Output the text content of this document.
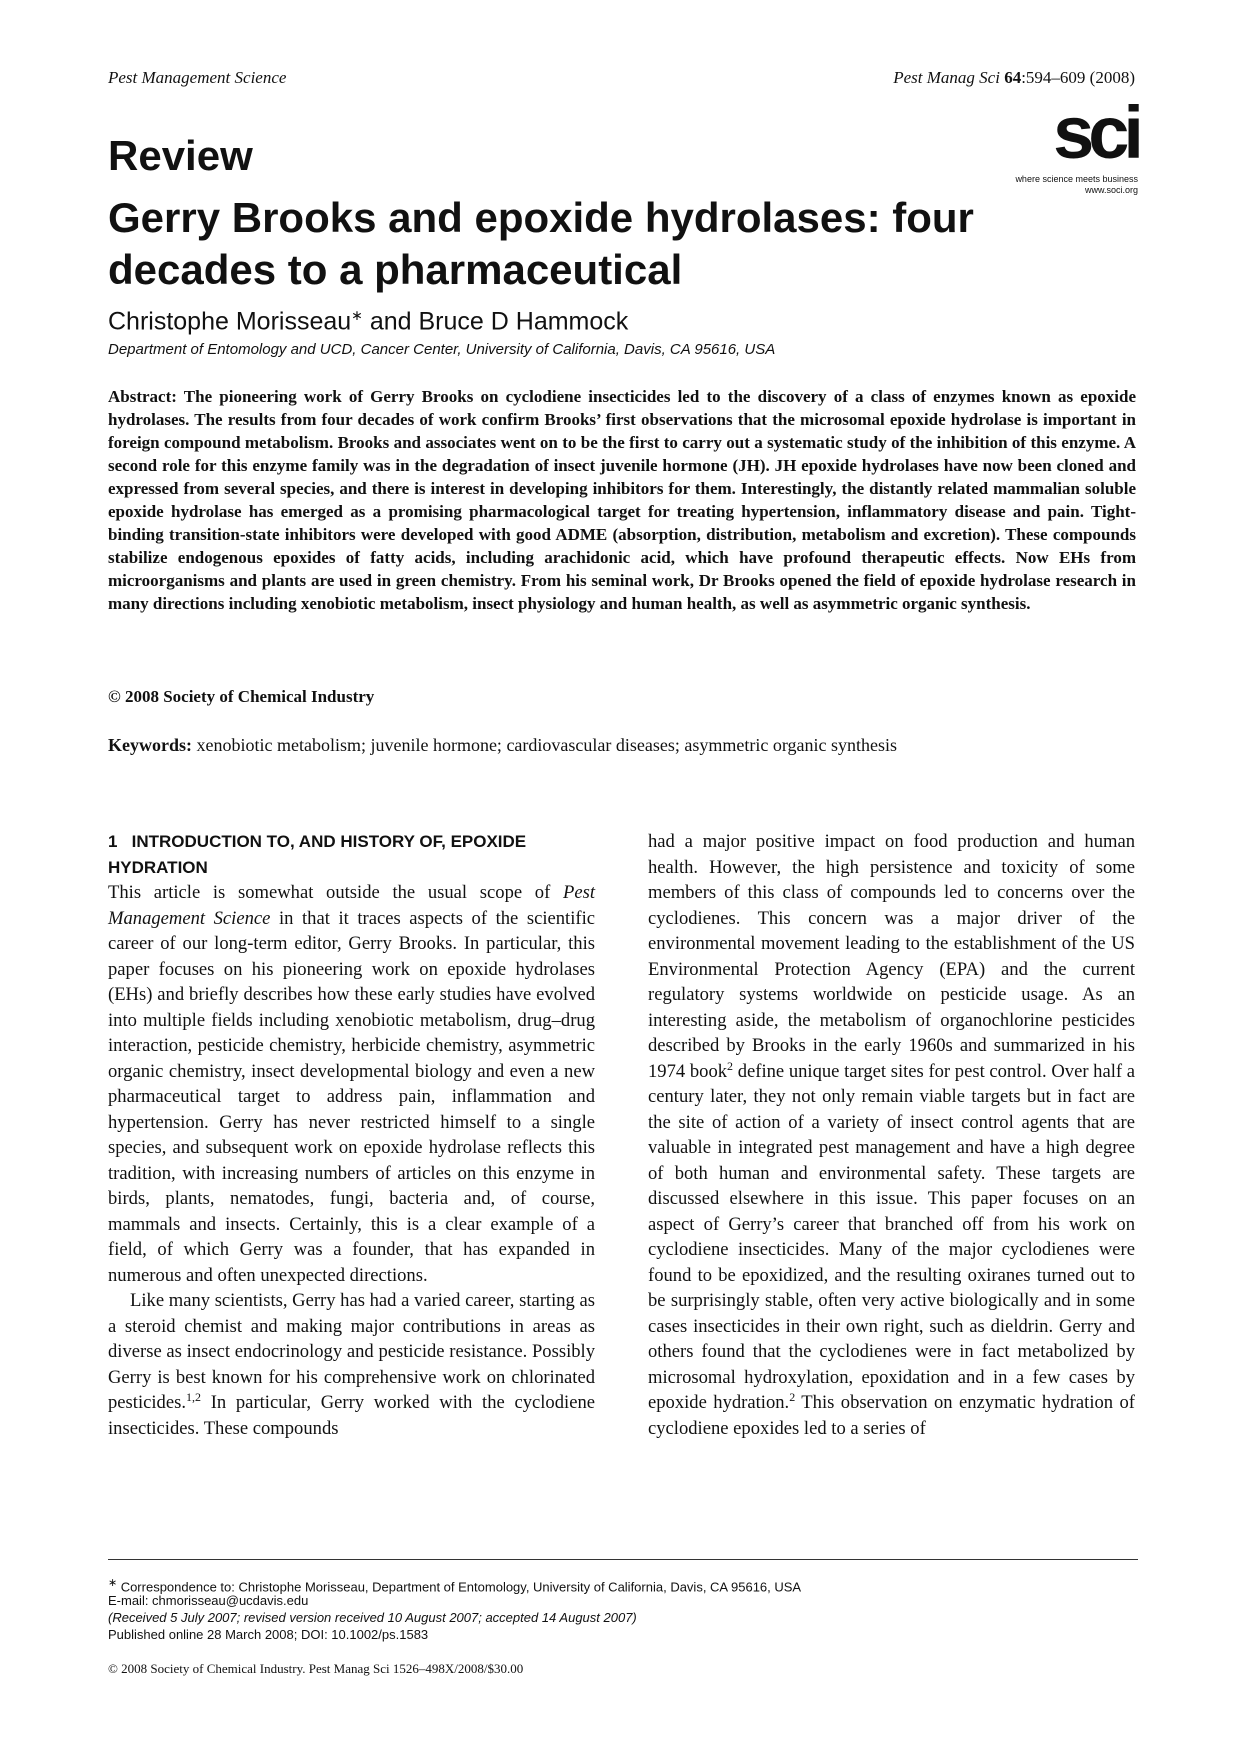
Pest Management Science	Pest Manag Sci 64:594–609 (2008)
sci
where science meets business
www.soci.org
Review
Gerry Brooks and epoxide hydrolases: four decades to a pharmaceutical
Christophe Morisseau∗ and Bruce D Hammock
Department of Entomology and UCD, Cancer Center, University of California, Davis, CA 95616, USA
Abstract: The pioneering work of Gerry Brooks on cyclodiene insecticides led to the discovery of a class of enzymes known as epoxide hydrolases. The results from four decades of work confirm Brooks’ first observations that the microsomal epoxide hydrolase is important in foreign compound metabolism. Brooks and associates went on to be the first to carry out a systematic study of the inhibition of this enzyme. A second role for this enzyme family was in the degradation of insect juvenile hormone (JH). JH epoxide hydrolases have now been cloned and expressed from several species, and there is interest in developing inhibitors for them. Interestingly, the distantly related mammalian soluble epoxide hydrolase has emerged as a promising pharmacological target for treating hypertension, inflammatory disease and pain. Tight-binding transition-state inhibitors were developed with good ADME (absorption, distribution, metabolism and excretion). These compounds stabilize endogenous epoxides of fatty acids, including arachidonic acid, which have profound therapeutic effects. Now EHs from microorganisms and plants are used in green chemistry. From his seminal work, Dr Brooks opened the field of epoxide hydrolase research in many directions including xenobiotic metabolism, insect physiology and human health, as well as asymmetric organic synthesis.
© 2008 Society of Chemical Industry
Keywords: xenobiotic metabolism; juvenile hormone; cardiovascular diseases; asymmetric organic synthesis

1 INTRODUCTION TO, AND HISTORY OF, EPOXIDE HYDRATION

This article is somewhat outside the usual scope of Pest Management Science in that it traces aspects of the scientific career of our long-term editor, Gerry Brooks. In particular, this paper focuses on his pioneering work on epoxide hydrolases (EHs) and briefly describes how these early studies have evolved into multiple fields including xenobiotic metabolism, drug–drug interaction, pesticide chemistry, herbicide chemistry, asymmetric organic chemistry, insect developmental biology and even a new pharmaceutical target to address pain, inflammation and hypertension. Gerry has never restricted himself to a single species, and subsequent work on epoxide hydrolase reflects this tradition, with increasing numbers of articles on this enzyme in birds, plants, nematodes, fungi, bacteria and, of course, mammals and insects. Certainly, this is a clear example of a field, of which Gerry was a founder, that has expanded in numerous and often unexpected directions.

Like many scientists, Gerry has had a varied career, starting as a steroid chemist and making major contributions in areas as diverse as insect endocrinology and pesticide resistance. Possibly Gerry is best known for his comprehensive work on chlorinated pesticides.$^{1,2}$ In particular, Gerry worked with the cyclodiene insecticides. These compounds

had a major positive impact on food production and human health. However, the high persistence and toxicity of some members of this class of compounds led to concerns over the cyclodienes. This concern was a major driver of the environmental movement leading to the establishment of the US Environmental Protection Agency (EPA) and the current regulatory systems worldwide on pesticide usage. As an interesting aside, the metabolism of organochlorine pesticides described by Brooks in the early 1960s and summarized in his 1974 book$^2$ define unique target sites for pest control. Over half a century later, they not only remain viable targets but in fact are the site of action of a variety of insect control agents that are valuable in integrated pest management and have a high degree of both human and environmental safety. These targets are discussed elsewhere in this issue. This paper focuses on an aspect of Gerry’s career that branched off from his work on cyclodiene insecticides. Many of the major cyclodienes were found to be epoxidized, and the resulting oxiranes turned out to be surprisingly stable, often very active biologically and in some cases insecticides in their own right, such as dieldrin. Gerry and others found that the cyclodienes were in fact metabolized by microsomal hydroxylation, epoxidation and in a few cases by epoxide hydration.$^2$ This observation on enzymatic hydration of cyclodiene epoxides led to a series of

∗ Correspondence to: Christophe Morisseau, Department of Entomology, University of California, Davis, CA 95616, USA
E-mail: chmorisseau@ucdavis.edu
(Received 5 July 2007; revised version received 10 August 2007; accepted 14 August 2007)
Published online 28 March 2008; DOI: 10.1002/ps.1583
© 2008 Society of Chemical Industry. Pest Manag Sci 1526–498X/2008/$30.00
